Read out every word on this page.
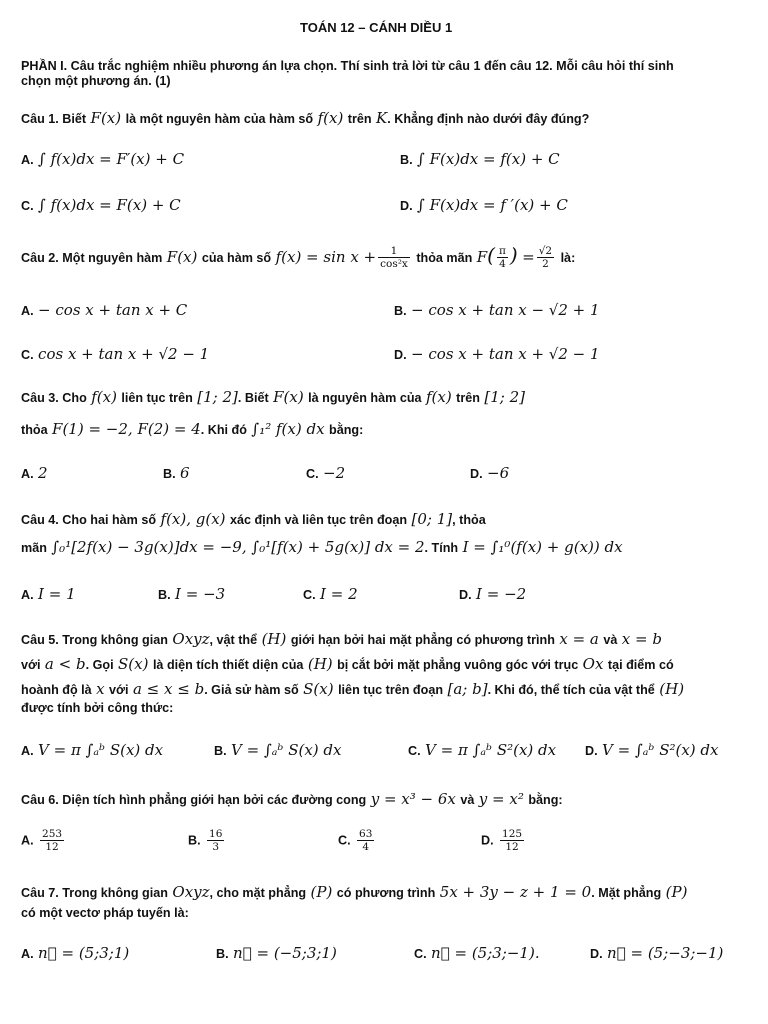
TOÁN 12 – CÁNH DIỀU 1
PHẦN I. Câu trắc nghiệm nhiều phương án lựa chọn. Thí sinh trả lời từ câu 1 đến câu 12. Mỗi câu hỏi thí sinh
chọn một phương án. (1)
Câu 1. Biết F(x) là một nguyên hàm của hàm số f(x) trên K. Khẳng định nào dưới đây đúng?
A. ∫ f(x)dx = F′(x) + C	B. ∫ F(x)dx = f(x) + C
C. ∫ f(x)dx = F(x) + C	D. ∫ F(x)dx = f ′(x) + C
Câu 2. Một nguyên hàm F(x) của hàm số $f(x) = \sin x + \frac{1}{\text{cos²x}}$ thỏa mãn $F( \frac{\pi}{4}$ ) = $\frac{√2}{2}$ là:
A. − cos x + tan x + C	B. − cos x + tan x − √2 + 1
C. cos x + tan x + √2 − 1	D. − cos x + tan x + √2 − 1
Câu 3. Cho f(x) liên tục trên [1; 2]. Biết F(x) là nguyên hàm của f(x) trên [1; 2]
thỏa F(1) = −2, F(2) = 4. Khi đó ∫₁² f(x) dx bằng:
A. 2	B. 6	C. −2	D. −6
Câu 4. Cho hai hàm số f(x), g(x) xác định và liên tục trên đoạn [0; 1], thỏa
mãn ∫₀¹[2f(x) − 3g(x)]dx = −9, ∫₀¹[f(x) + 5g(x)] dx = 2. Tính I = ∫₁⁰(f(x) + g(x)) dx
A. I = 1	B. I = −3	C. I = 2	D. I = −2
Câu 5. Trong không gian Oxyz, vật thể (H) giới hạn bởi hai mặt phẳng có phương trình x = a và x = b
với a < b. Gọi S(x) là diện tích thiết diện của (H) bị cắt bởi mặt phẳng vuông góc với trục Ox tại điểm có
hoành độ là x với a ≤ x ≤ b. Giả sử hàm số S(x) liên tục trên đoạn [a; b]. Khi đó, thể tích của vật thể (H)
được tính bởi công thức:
A. V = π ∫ₐᵇ S(x) dx	B. V = ∫ₐᵇ S(x) dx	C. V = π ∫ₐᵇ S²(x) dx D. V = ∫ₐᵇ S²(x) dx
Câu 6. Diện tích hình phẳng giới hạn bởi các đường cong y = x³ − 6x và y = x² bằng:
A. $\frac{253}{12}$	B. $\frac{16}{3}$	C. $\frac{63}{4}$	D. $\frac{125}{12}$
Câu 7. Trong không gian Oxyz, cho mặt phẳng (P) có phương trình 5x + 3y − z + 1 = 0. Mặt phẳng (P)
có một vectơ pháp tuyến là:
A. n⃗ = (5;3;1)	B. n⃗ = (−5;3;1)	C. n⃗ = (5;3;−1).	D. n⃗ = (5;−3;−1)
